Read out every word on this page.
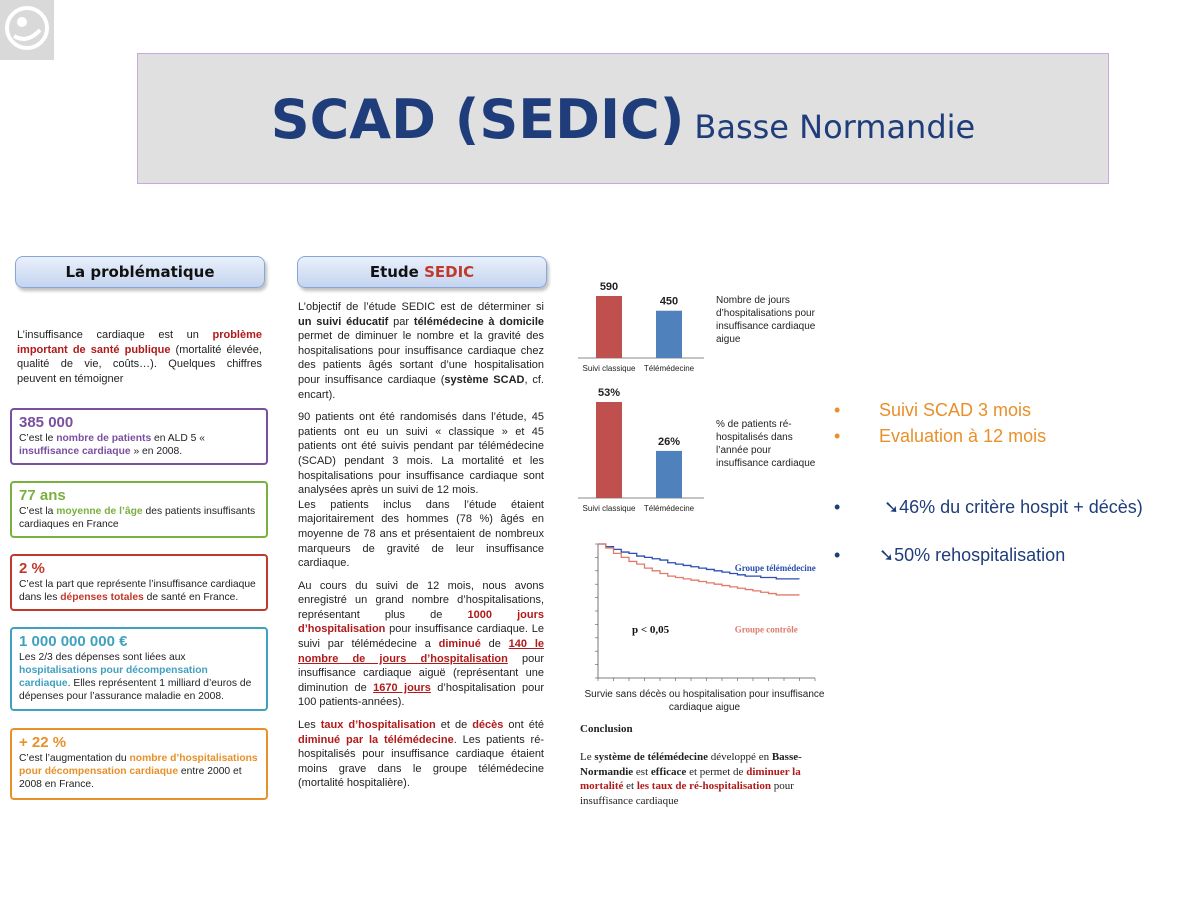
SCAD (SEDIC) Basse Normandie
La problématique
L’insuffisance cardiaque est un problème important de santé publique (mortalité élevée, qualité de vie, coûts…). Quelques chiffres peuvent en témoigner
385 000
C’est le nombre de patients en ALD 5 « insuffisance cardiaque » en 2008.
77 ans
C’est la moyenne de l’âge des patients insuffisants cardiaques en France
2 %
C’est la part que représente l’insuffisance cardiaque dans les dépenses totales de santé en France.
1 000 000 000 €
Les 2/3 des dépenses sont liées aux hospitalisations pour décompensation cardiaque. Elles représentent 1 milliard d’euros de dépenses pour l’assurance maladie en 2008.
+ 22 %
C’est l’augmentation du nombre d’hospitalisations pour décompensation cardiaque entre 2000 et 2008 en France.
Etude SEDIC

L’objectif de l’étude SEDIC est de déterminer si un suivi éducatif par télémédecine à domicile permet de diminuer le nombre et la gravité des hospitalisations pour insuffisance cardiaque chez des patients âgés sortant d’une hospitalisation pour insuffisance cardiaque (système SCAD, cf. encart).

90 patients ont été randomisés dans l’étude, 45 patients ont eu un suivi « classique » et 45 patients ont été suivis pendant par télémédecine (SCAD) pendant 3 mois. La mortalité et les hospitalisations pour insuffisance cardiaque sont analysées après un suivi de 12 mois.

Les patients inclus dans l’étude étaient majoritairement des hommes (78 %) âgés en moyenne de 78 ans et présentaient de nombreux marqueurs de gravité de leur insuffisance cardiaque.

Au cours du suivi de 12 mois, nous avons enregistré un grand nombre d’hospitalisations, représentant plus de 1000 jours d’hospitalisation pour insuffisance cardiaque. Le suivi par télémédecine a diminué de 140 le nombre de jours d’hospitalisation pour insuffisance cardiaque aiguë (représentant une diminution de 1670 jours d’hospitalisation pour 100 patients-années).

Les taux d’hospitalisation et de décès ont été diminué par la télémédecine. Les patients ré-hospitalisés pour insuffisance cardiaque étaient moins grave dans le groupe télémédecine (mortalité hospitalière).

590
Suivi classique
450
Télémédecine
Nombre de jours d’hospitalisations pour insuffisance cardiaque aigue
53%
Suivi classique
26%
Télémédecine
% de patients ré-hospitalisés dans l’année pour insuffisance cardiaque
Groupe télémédecine
Groupe contrôle
p < 0,05
Survie sans décès ou hospitalisation pour insuffisance cardiaque aigue
Conclusion
Le système de télémédecine développé en Basse-Normandie est efficace et permet de diminuer la mortalité et les taux de ré-hospitalisation pour insuffisance cardiaque
• Suivi SCAD 3 mois
• Evaluation à 12 mois
• ➘46% du critère hospit + décès)
• ➘50% rehospitalisation
